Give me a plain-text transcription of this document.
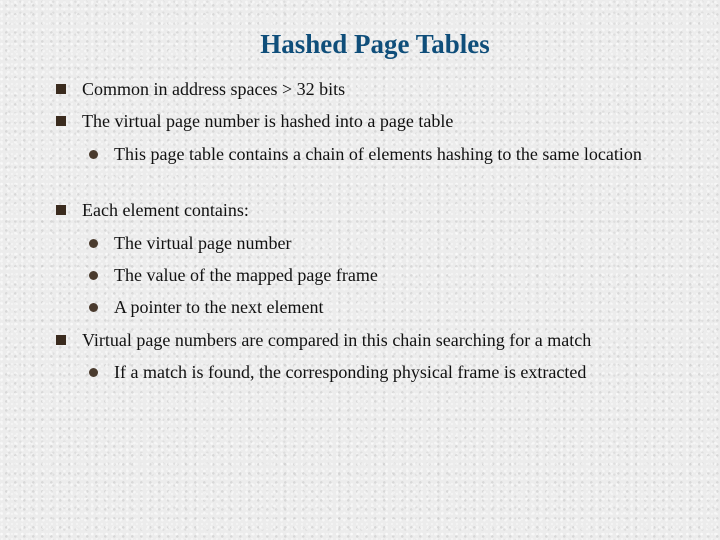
Hashed Page Tables
Common in address spaces > 32 bits
The virtual page number is hashed into a page table
This page table contains a chain of elements hashing to the same location
Each element contains:
The virtual page number
The value of the mapped page frame
A pointer to the next element
Virtual page numbers are compared in this chain searching for a match
If a match is found, the corresponding physical frame is extracted
